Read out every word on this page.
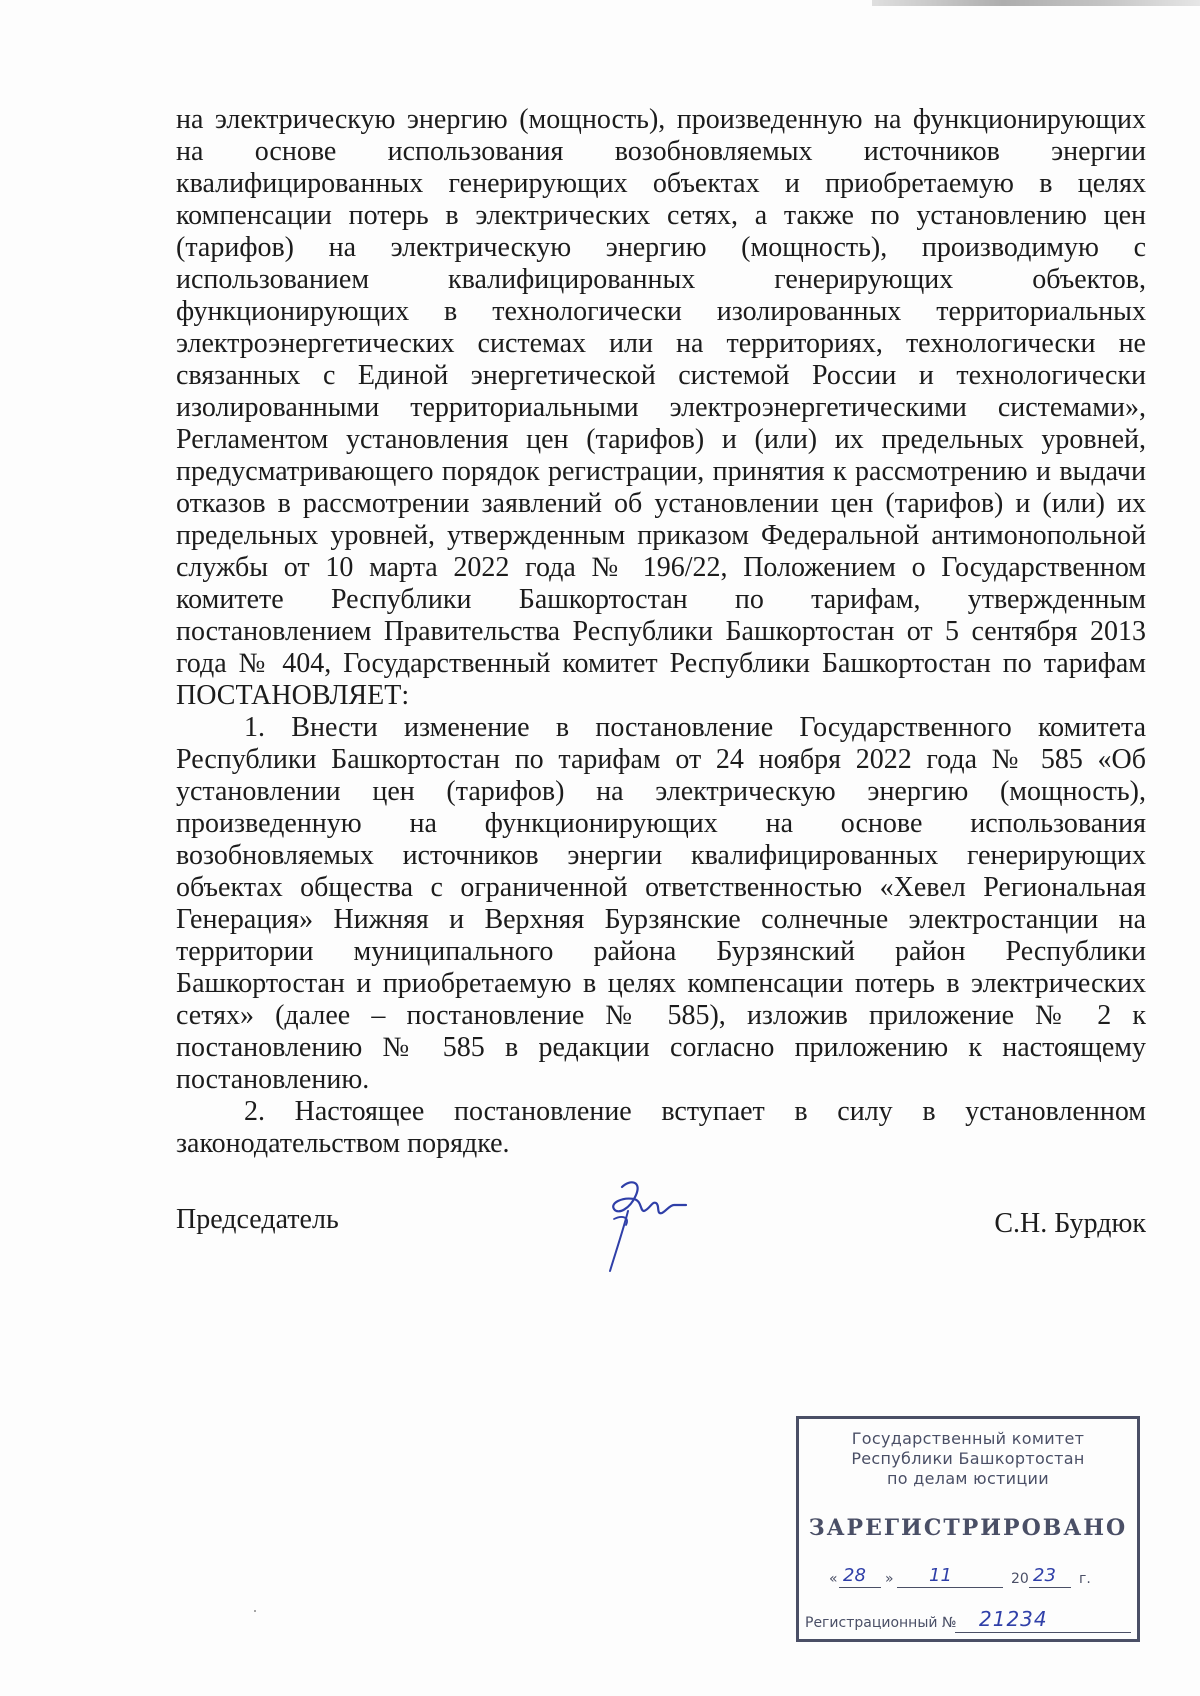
на электрическую энергию (мощность), произведенную на функционирующих на основе использования возобновляемых источников энергии квалифицированных генерирующих объектах и приобретаемую в целях компенсации потерь в электрических сетях, а также по установлению цен (тарифов) на электрическую энергию (мощность), производимую с использованием квалифицированных генерирующих объектов, функционирующих в технологически изолированных территориальных электроэнергетических системах или на территориях, технологически не связанных с Единой энергетической системой России и технологически изолированными территориальными электроэнергетическими системами», Регламентом установления цен (тарифов) и (или) их предельных уровней, предусматривающего порядок регистрации, принятия к рассмотрению и выдачи отказов в рассмотрении заявлений об установлении цен (тарифов) и (или) их предельных уровней, утвержденным приказом Федеральной антимонопольной службы от 10 марта 2022 года № 196/22, Положением о Государственном комитете Республики Башкортостан по тарифам, утвержденным постановлением Правительства Республики Башкортостан от 5 сентября 2013 года № 404, Государственный комитет Республики Башкортостан по тарифам ПОСТАНОВЛЯЕТ:

1. Внести изменение в постановление Государственного комитета Республики Башкортостан по тарифам от 24 ноября 2022 года № 585 «Об установлении цен (тарифов) на электрическую энергию (мощность), произведенную на функционирующих на основе использования возобновляемых источников энергии квалифицированных генерирующих объектах общества с ограниченной ответственностью «Хевел Региональная Генерация» Нижняя и Верхняя Бурзянские солнечные электростанции на территории муниципального района Бурзянский район Республики Башкортостан и приобретаемую в целях компенсации потерь в электрических сетях» (далее – постановление № 585), изложив приложение № 2 к постановлению № 585 в редакции согласно приложению к настоящему постановлению.

2. Настоящее постановление вступает в силу в установленном законодательством порядке.

Председатель	С.Н. Бурдюк
Государственный комитет
Республики Башкортостан
по делам юстиции
ЗАРЕГИСТРИРОВАНО
« 28 » 11	20 23 г.
Регистрационный № 21234
